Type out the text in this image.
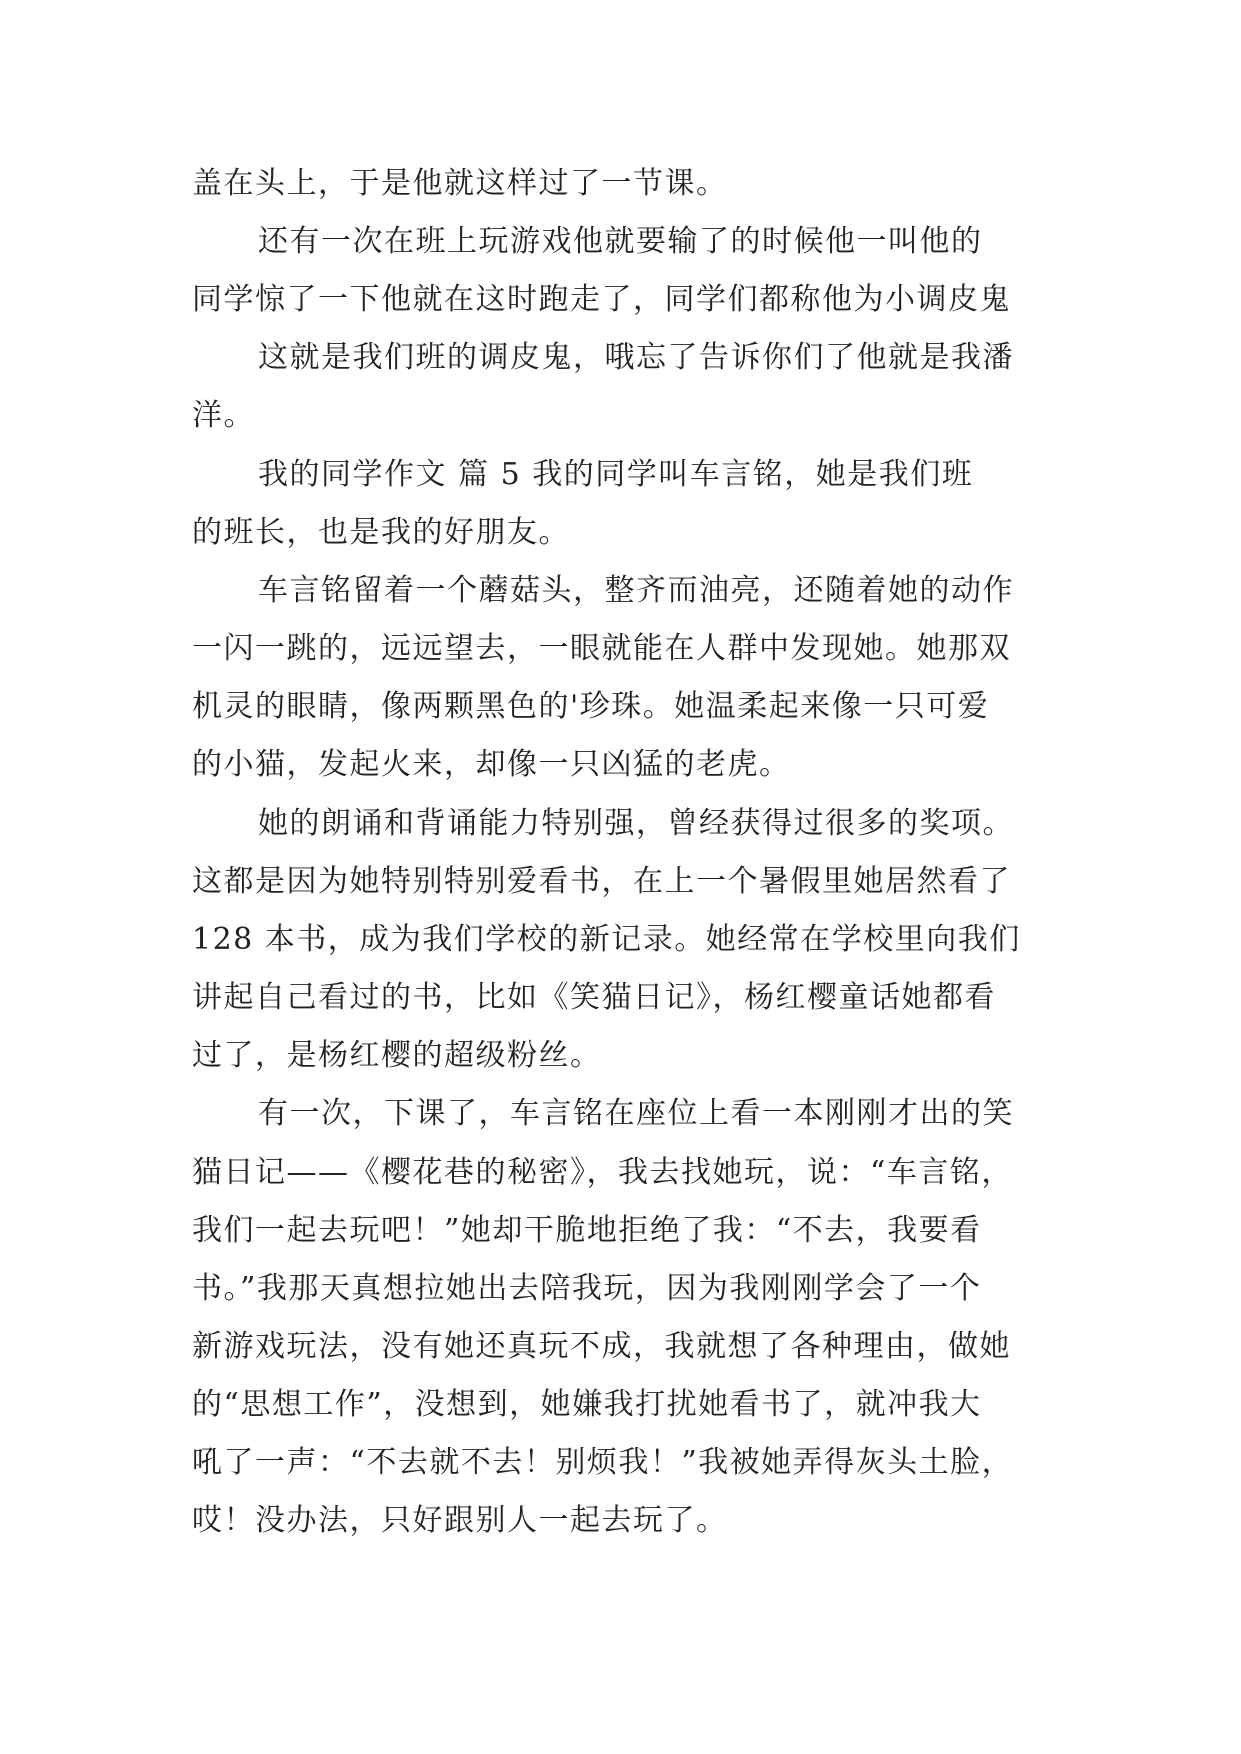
盖在头上，于是他就这样过了一节课。
还有一次在班上玩游戏他就要输了的时候他一叫他的
同学惊了一下他就在这时跑走了，同学们都称他为小调皮鬼
这就是我们班的调皮鬼，哦忘了告诉你们了他就是我潘
洋。
我的同学作文 篇 5 我的同学叫车言铭，她是我们班
的班长，也是我的好朋友。
车言铭留着一个蘑菇头，整齐而油亮，还随着她的动作
一闪一跳的，远远望去，一眼就能在人群中发现她。她那双
机灵的眼睛，像两颗黑色的'珍珠。她温柔起来像一只可爱
的小猫，发起火来，却像一只凶猛的老虎。
她的朗诵和背诵能力特别强，曾经获得过很多的奖项。
这都是因为她特别特别爱看书，在上一个暑假里她居然看了
128 本书，成为我们学校的新记录。她经常在学校里向我们
讲起自己看过的书，比如《笑猫日记》，杨红樱童话她都看
过了，是杨红樱的超级粉丝。
有一次，下课了，车言铭在座位上看一本刚刚才出的笑
猫日记——《樱花巷的秘密》，我去找她玩，说：“车言铭，
我们一起去玩吧！”她却干脆地拒绝了我：“不去，我要看
书。”我那天真想拉她出去陪我玩，因为我刚刚学会了一个
新游戏玩法，没有她还真玩不成，我就想了各种理由，做她
的“思想工作”，没想到，她嫌我打扰她看书了，就冲我大
吼了一声：“不去就不去！别烦我！”我被她弄得灰头土脸，
哎！没办法，只好跟别人一起去玩了。
